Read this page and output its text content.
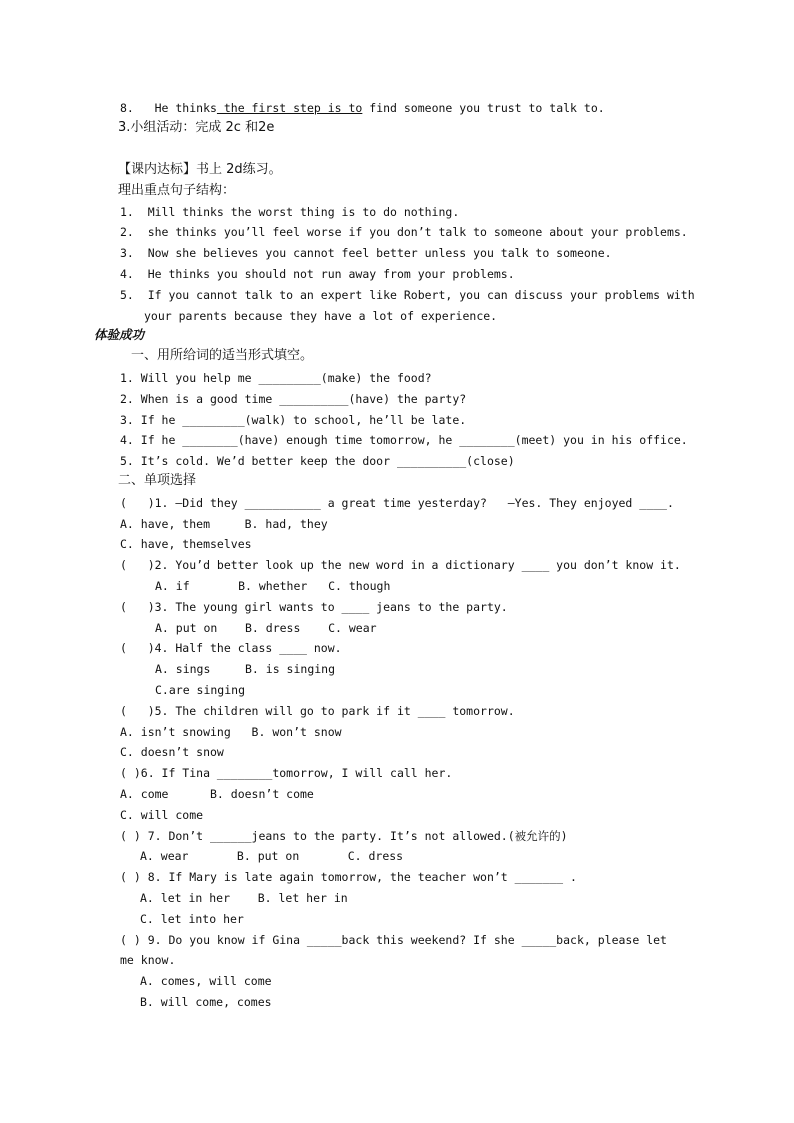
8.   He thinks the first step is to find someone you trust to talk to.
3.小组活动：完成 2c 和2e
【课内达标】书上 2d练习。
理出重点句子结构：
1.  Mill thinks the worst thing is to do nothing.
2.  she thinks you’ll feel worse if you don’t talk to someone about your problems.
3.  Now she believes you cannot feel better unless you talk to someone.
4.  He thinks you should not run away from your problems.
5.  If you cannot talk to an expert like Robert, you can discuss your problems with
your parents because they have a lot of experience.
体验成功
一、用所给词的适当形式填空。
1. Will you help me _________(make) the food?
2. When is a good time __________(have) the party?
3. If he _________(walk) to school, he’ll be late.
4. If he ________(have) enough time tomorrow, he ________(meet) you in his office.
5. It’s cold. We’d better keep the door __________(close)
二、单项选择
(   )1. —Did they ___________ a great time yesterday?   —Yes. They enjoyed ____.
A. have, them     B. had, they
C. have, themselves
(   )2. You’d better look up the new word in a dictionary ____ you don’t know it.
A. if       B. whether   C. though
(   )3. The young girl wants to ____ jeans to the party.
A. put on    B. dress    C. wear
(   )4. Half the class ____ now.
A. sings     B. is singing
C.are singing
(   )5. The children will go to park if it ____ tomorrow.
A. isn’t snowing   B. won’t snow
C. doesn’t snow
( )6. If Tina ________tomorrow, I will call her.
A. come      B. doesn’t come
C. will come
( ) 7. Don’t ______jeans to the party. It’s not allowed.(被允许的)
A. wear       B. put on       C. dress
( ) 8. If Mary is late again tomorrow, the teacher won’t _______ .
A. let in her    B. let her in
C. let into her
( ) 9. Do you know if Gina _____back this weekend? If she _____back, please let
me know.
A. comes, will come
B. will come, comes
